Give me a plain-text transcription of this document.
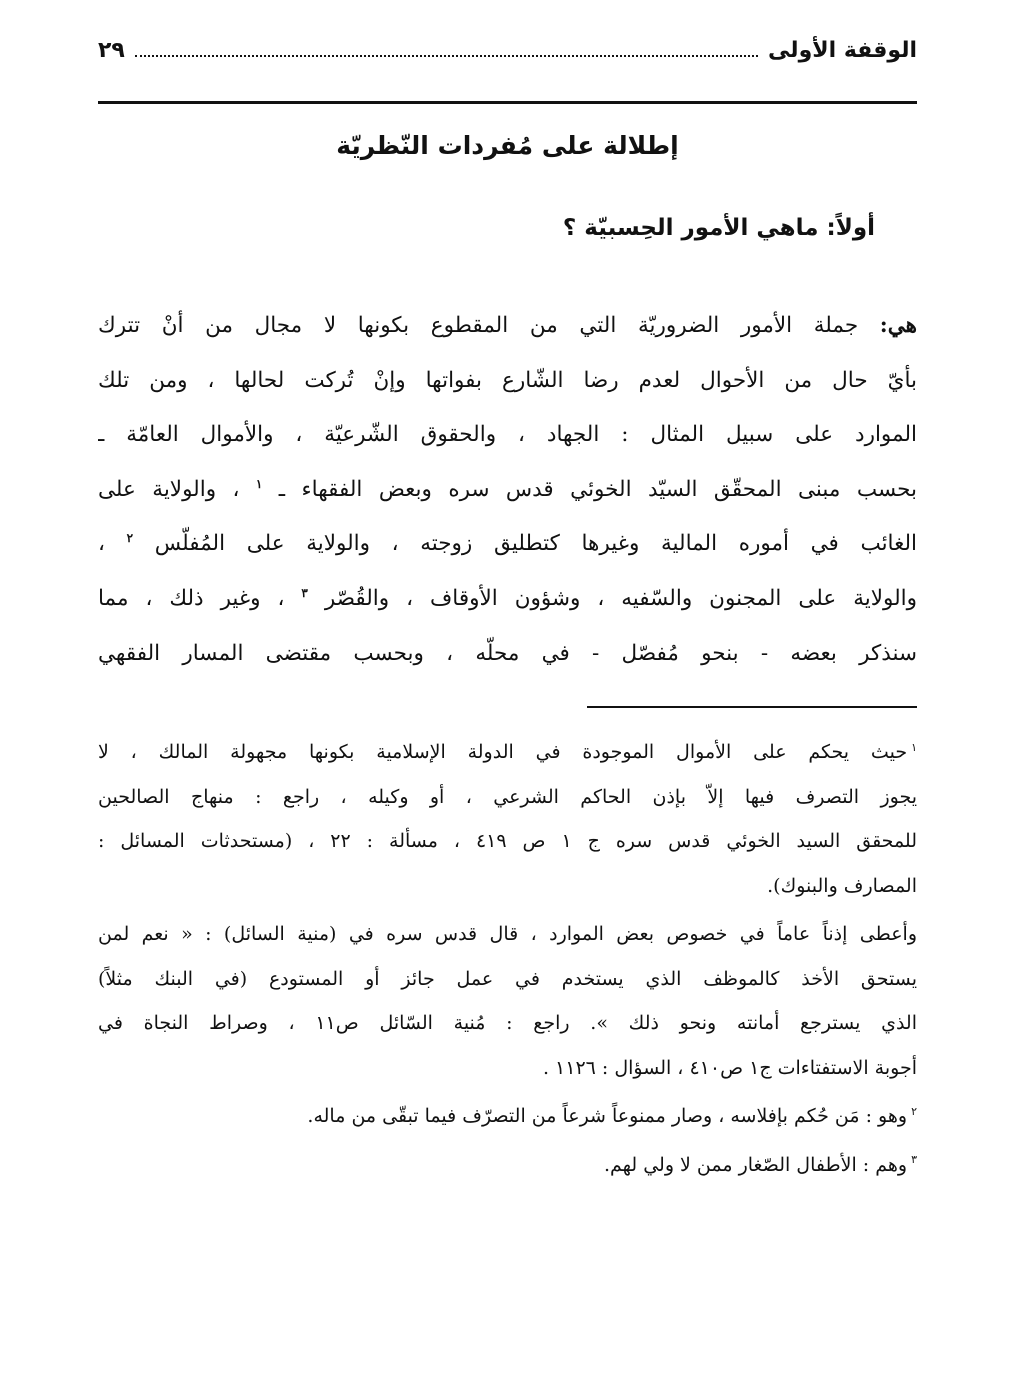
الوقفة الأولى
٢٩
إطلالة على مُفردات النّظريّة
أولاً: ماهي الأمور الحِسبيّة ؟
هي: جملة الأمور الضروريّة التي من المقطوع بكونها لا مجال من أنْ تترك
بأيّ حال من الأحوال لعدم رضا الشّارع بفواتها وإنْ تُركت لحالها ، ومن تلك
الموارد على سبيل المثال : الجهاد ، والحقوق الشّرعيّة ، والأموال العامّة ـ
بحسب مبنى المحقّق السيّد الخوئي قدس سره وبعض الفقهاء ـ $^١$ ، والولاية على
الغائب في أموره المالية وغيرها كتطليق زوجته ، والولاية على المُفلّس $^٢$ ،
والولاية على المجنون والسّفيه ، وشؤون الأوقاف ، والقُصّر $^٣$ ، وغير ذلك ، مما
سنذكر بعضه - بنحو مُفصّل - في محلّه ، وبحسب مقتضى المسار الفقهي
$^١$حيث يحكم على الأموال الموجودة في الدولة الإسلامية بكونها مجهولة المالك ، لا
يجوز التصرف فيها إلاّ بإذن الحاكم الشرعي ، أو وكيله ، راجع : منهاج الصالحين
للمحقق السيد الخوئي قدس سره ج ١ ص ٤١٩ ، مسألة : ٢٢ ، (مستحدثات المسائل :
المصارف والبنوك).
وأعطى إذناً عاماً في خصوص بعض الموارد ، قال قدس سره في (منية السائل) : « نعم لمن
يستحق الأخذ كالموظف الذي يستخدم في عمل جائز أو المستودع (في البنك مثلاً)
الذي يسترجع أمانته ونحو ذلك ». راجع : مُنية السّائل ص١١ ، وصراط النجاة في
أجوبة الاستفتاءات ج١ ص٤١٠ ، السؤال : ١١٢٦ .
$^٢$وهو : مَن حُكم بإفلاسه ، وصار ممنوعاً شرعاً من التصرّف فيما تبقّى من ماله.
$^٣$وهم : الأطفال الصّغار ممن لا ولي لهم.
